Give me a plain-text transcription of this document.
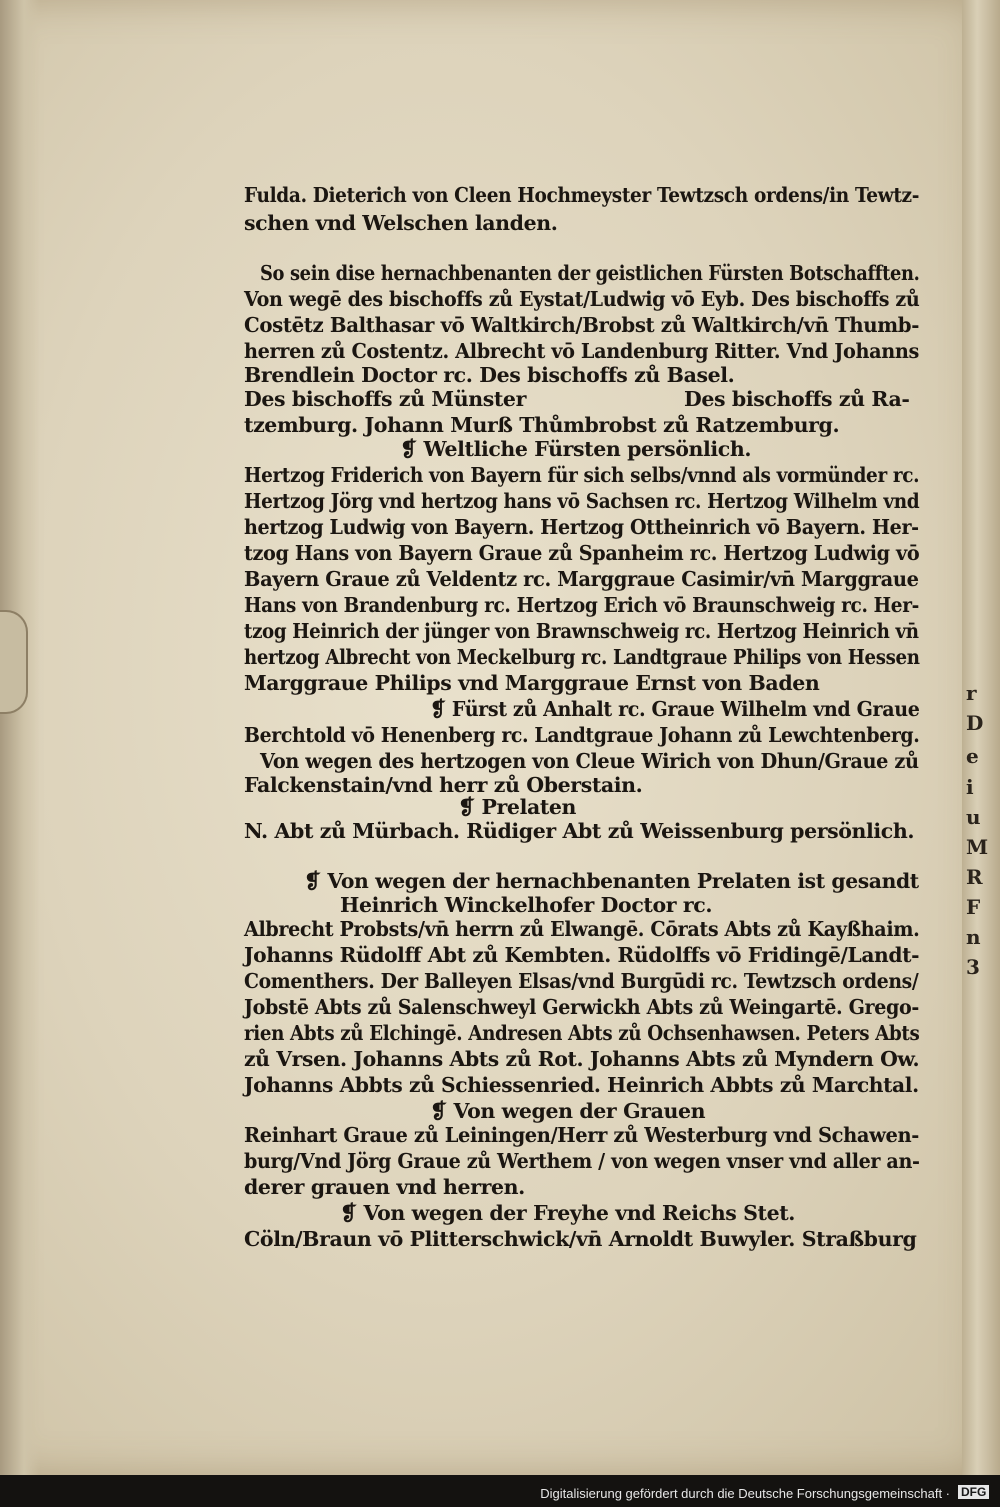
r
D
e
i
u
M
R
F
n
3
Fulda. Dieterich von Cleen Hochmeyster Tewtzsch ordens/in Tewtz-
schen vnd Welschen landen.
So sein dise hernachbenanten der geistlichen Fürsten Botschafften.
Von wegē des bischoffs zů Eystat/Ludwig vō Eyb. Des bischoffs zů
Costētz Balthasar vō Waltkirch/Brobst zů Waltkirch/vn̄ Thumb-
herren zů Costentz. Albrecht vō Landenburg Ritter. Vnd Johanns
Brendlein Doctor rc. Des bischoffs zů Basel.
Des bischoffs zů Münster	Des bischoffs zů Ra-
tzemburg. Johann Murß Thůmbrobst zů Ratzemburg.
❡ Weltliche Fürsten persönlich.
Hertzog Friderich von Bayern für sich selbs/vnnd als vormünder rc.
Hertzog Jörg vnd hertzog hans vō Sachsen rc. Hertzog Wilhelm vnd
hertzog Ludwig von Bayern. Hertzog Ottheinrich vō Bayern. Her-
tzog Hans von Bayern Graue zů Spanheim rc. Hertzog Ludwig vō
Bayern Graue zů Veldentz rc. Marggraue Casimir/vn̄ Marggraue
Hans von Brandenburg rc. Hertzog Erich vō Braunschweig rc. Her-
tzog Heinrich der jünger von Brawnschweig rc. Hertzog Heinrich vn̄
hertzog Albrecht von Meckelburg rc. Landtgraue Philips von Hessen
Marggraue Philips vnd Marggraue Ernst von Baden
❡ Fürst zů Anhalt rc. Graue Wilhelm vnd Graue
Berchtold vō Henenberg rc. Landtgraue Johann zů Lewchtenberg.
Von wegen des hertzogen von Cleue Wirich von Dhun/Graue zů
Falckenstain/vnd herr zů Oberstain.
❡ Prelaten
N. Abt zů Mürbach. Rüdiger Abt zů Weissenburg persönlich.
❡ Von wegen der hernachbenanten Prelaten ist gesandt
Heinrich Winckelhofer Doctor rc.
Albrecht Probsts/vn̄ herrn zů Elwangē. Cōrats Abts zů Kayßhaim.
Johanns Rüdolff Abt zů Kembten. Rüdolffs vō Fridingē/Landt-
Comenthers. Der Balleyen Elsas/vnd Burgūdi rc. Tewtzsch ordens/
Jobstē Abts zů Salenschweyl Gerwickh Abts zů Weingartē. Grego-
rien Abts zů Elchingē. Andresen Abts zů Ochsenhawsen. Peters Abts
zů Vrsen. Johanns Abts zů Rot. Johanns Abts zů Myndern Ow.
Johanns Abbts zů Schiessenried. Heinrich Abbts zů Marchtal.
❡ Von wegen der Grauen
Reinhart Graue zů Leiningen/Herr zů Westerburg vnd Schawen-
burg/Vnd Jörg Graue zů Werthem / von wegen vnser vnd aller an-
derer grauen vnd herren.
❡ Von wegen der Freyhe vnd Reichs Stet.
Cöln/Braun vō Plitterschwick/vn̄ Arnoldt Buwyler. Straßburg
Digitalisierung gefördert durch die Deutsche Forschungsgemeinschaft · DFG
